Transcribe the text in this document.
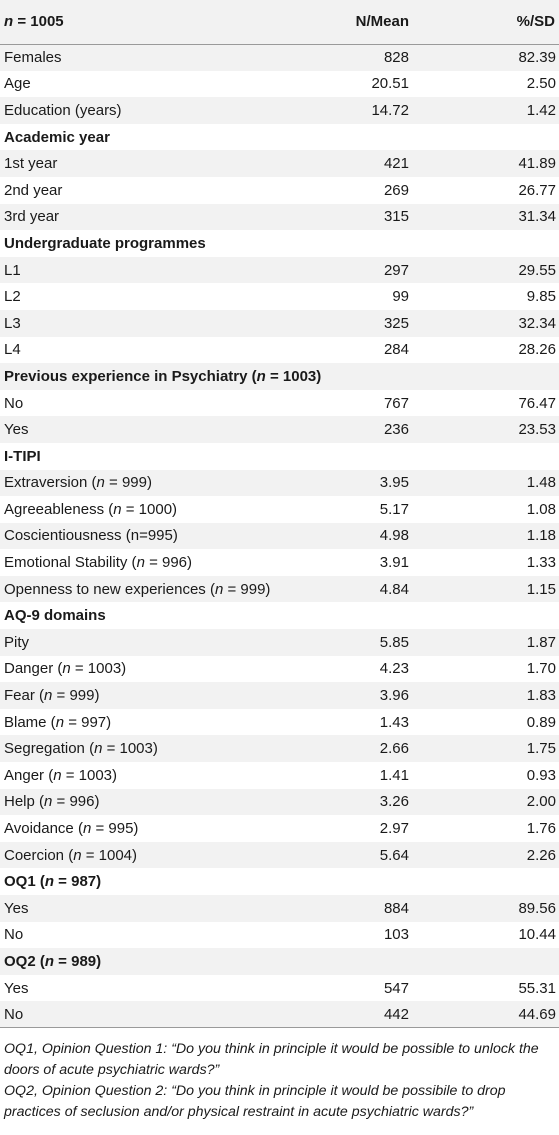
n = 1005	N/Mean	%/SD
Females	828	82.39
Age	20.51	2.50
Education (years)	14.72	1.42
Academic year		
1st year	421	41.89
2nd year	269	26.77
3rd year	315	31.34
Undergraduate programmes		
L1	297	29.55
L2	99	9.85
L3	325	32.34
L4	284	28.26
Previous experience in Psychiatry (n = 1003)		
No	767	76.47
Yes	236	23.53
I-TIPI		
Extraversion (n = 999)	3.95	1.48
Agreeableness (n = 1000)	5.17	1.08
Coscientiousness (n=995)	4.98	1.18
Emotional Stability (n = 996)	3.91	1.33
Openness to new experiences (n = 999)	4.84	1.15
AQ-9 domains		
Pity	5.85	1.87
Danger (n = 1003)	4.23	1.70
Fear (n = 999)	3.96	1.83
Blame (n = 997)	1.43	0.89
Segregation (n = 1003)	2.66	1.75
Anger (n = 1003)	1.41	0.93
Help (n = 996)	3.26	2.00
Avoidance (n = 995)	2.97	1.76
Coercion (n = 1004)	5.64	2.26
OQ1 (n = 987)		
Yes	884	89.56
No	103	10.44
OQ2 (n = 989)		
Yes	547	55.31
No	442	44.69

OQ1, Opinion Question 1: “Do you think in principle it would be possible to unlock the doors of acute psychiatric wards?”

OQ2, Opinion Question 2: “Do you think in principle it would be possibile to drop practices of seclusion and/or physical restraint in acute psychiatric wards?”
